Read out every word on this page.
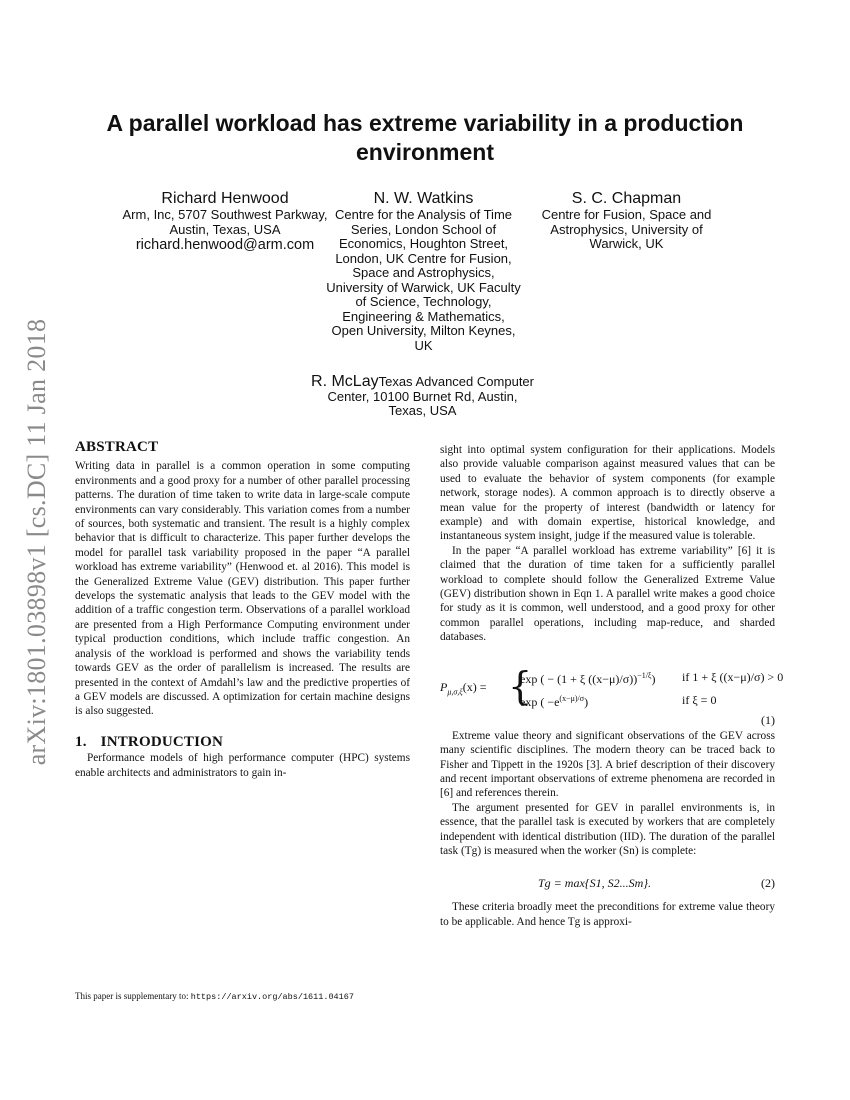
arXiv:1801.03898v1 [cs.DC] 11 Jan 2018
A parallel workload has extreme variability in a production environment
Richard Henwood
Arm, Inc, 5707 Southwest Parkway, Austin, Texas, USA
richard.henwood@arm.com
N. W. Watkins
Centre for the Analysis of Time Series, London School of Economics, Houghton Street, London, UK Centre for Fusion, Space and Astrophysics, University of Warwick, UK Faculty of Science, Technology, Engineering & Mathematics, Open University, Milton Keynes, UK
S. C. Chapman
Centre for Fusion, Space and Astrophysics, University of Warwick, UK
R. McLayTexas Advanced Computer Center, 10100 Burnet Rd, Austin, Texas, USA
ABSTRACT

Writing data in parallel is a common operation in some computing environments and a good proxy for a number of other parallel processing patterns. The duration of time taken to write data in large-scale compute environments can vary considerably. This variation comes from a number of sources, both systematic and transient. The result is a highly complex behavior that is difficult to characterize. This paper further develops the model for parallel task variability proposed in the paper “A parallel workload has extreme variability” (Henwood et. al 2016). This model is the Generalized Extreme Value (GEV) distribution. This paper further develops the systematic analysis that leads to the GEV model with the addition of a traffic congestion term. Observations of a parallel workload are presented from a High Performance Computing environment under typical production conditions, which include traffic congestion. An analysis of the workload is performed and shows the variability tends towards GEV as the order of parallelism is increased. The results are presented in the context of Amdahl’s law and the predictive properties of a GEV models are discussed. A optimization for certain machine designs is also suggested.

1. INTRODUCTION

Performance models of high performance computer (HPC) systems enable architects and administrators to gain in-

sight into optimal system configuration for their applications. Models also provide valuable comparison against measured values that can be used to evaluate the behavior of system components (for example network, storage nodes). A common approach is to directly observe a mean value for the property of interest (bandwidth or latency for example) and with domain expertise, historical knowledge, and instantaneous system insight, judge if the measured value is tolerable.

In the paper “A parallel workload has extreme variability” [6] it is claimed that the duration of time taken for a sufficiently parallel workload to complete should follow the Generalized Extreme Value (GEV) distribution shown in Eqn 1. A parallel write makes a good choice for study as it is common, well understood, and a good proxy for other common parallel operations, including map-reduce, and sharded databases.

$P_{\mu,\sigma,\xi}(x)$ = {
exp ( − (1 + ξ ((x−μ)/σ))$^{-1/\xi}$) if 1 + ξ ((x−μ)/σ) > 0
exp ( $-e^{(x-\mu)/\sigma}$)	if ξ = 0
(1)

Extreme value theory and significant observations of the GEV across many scientific disciplines. The modern theory can be traced back to Fisher and Tippett in the 1920s [3]. A brief description of their discovery and recent important observations of extreme phenomena are recorded in [6] and references therein.

The argument presented for GEV in parallel environments is, in essence, that the parallel task is executed by workers that are completely independent with identical distribution (IID). The duration of the parallel task (Tg) is measured when the worker (Sn) is complete:

Tg = max{S1, S2...Sm}.	(2)

These criteria broadly meet the preconditions for extreme value theory to be applicable. And hence Tg is approxi-

This paper is supplementary to: https://arxiv.org/abs/1611.04167
